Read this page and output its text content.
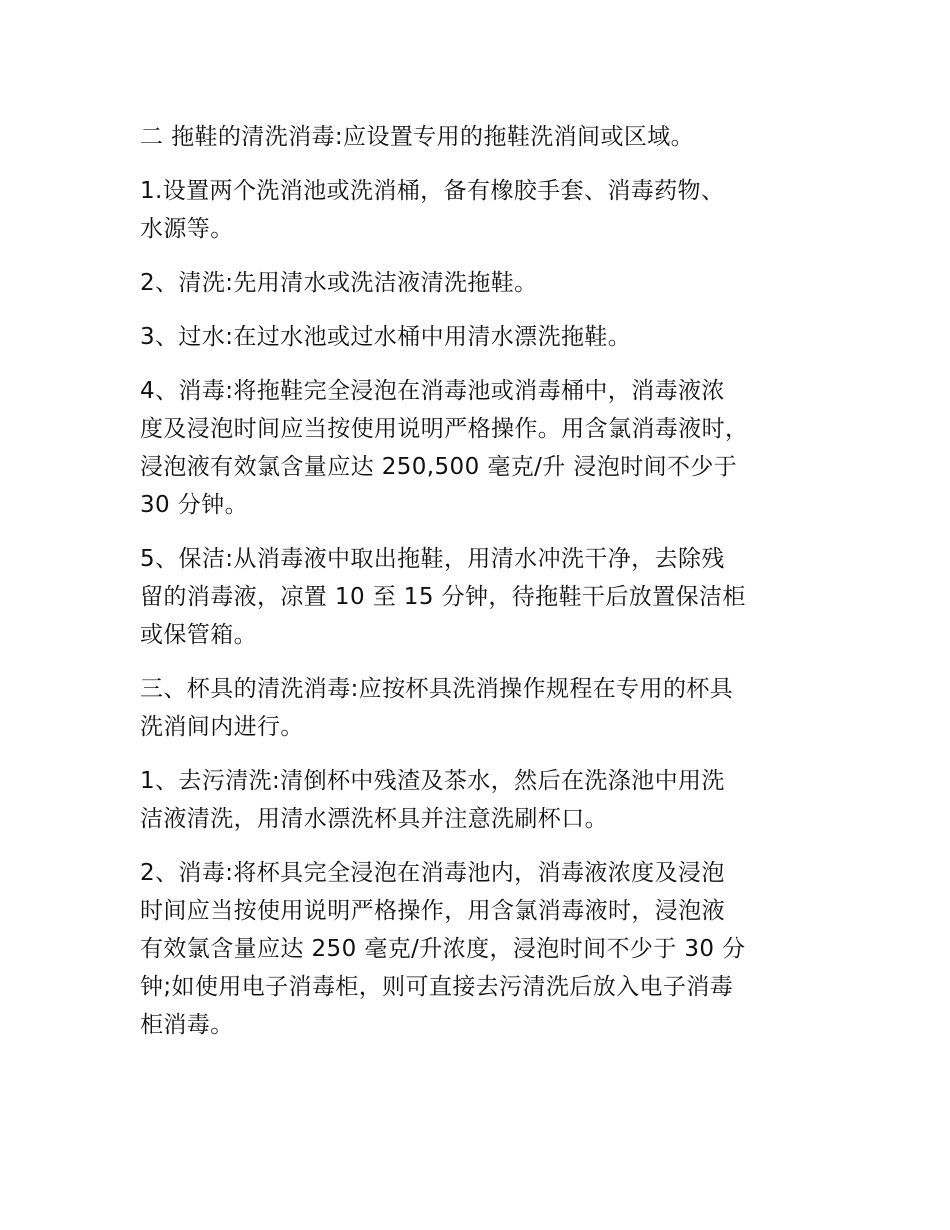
二 拖鞋的清洗消毒:应设置专用的拖鞋洗消间或区域。

1.设置两个洗消池或洗消桶，备有橡胶手套、消毒药物、
水源等。

2、清洗:先用清水或洗洁液清洗拖鞋。

3、过水:在过水池或过水桶中用清水漂洗拖鞋。

4、消毒:将拖鞋完全浸泡在消毒池或消毒桶中，消毒液浓
度及浸泡时间应当按使用说明严格操作。用含氯消毒液时，
浸泡液有效氯含量应达 250,500 毫克/升 浸泡时间不少于
30 分钟。

5、保洁:从消毒液中取出拖鞋，用清水冲洗干净，去除残
留的消毒液，凉置 10 至 15 分钟，待拖鞋干后放置保洁柜
或保管箱。

三、杯具的清洗消毒:应按杯具洗消操作规程在专用的杯具
洗消间内进行。

1、去污清洗:清倒杯中残渣及茶水，然后在洗涤池中用洗
洁液清洗，用清水漂洗杯具并注意洗刷杯口。

2、消毒:将杯具完全浸泡在消毒池内，消毒液浓度及浸泡
时间应当按使用说明严格操作，用含氯消毒液时，浸泡液
有效氯含量应达 250 毫克/升浓度，浸泡时间不少于 30 分
钟;如使用电子消毒柜，则可直接去污清洗后放入电子消毒
柜消毒。
